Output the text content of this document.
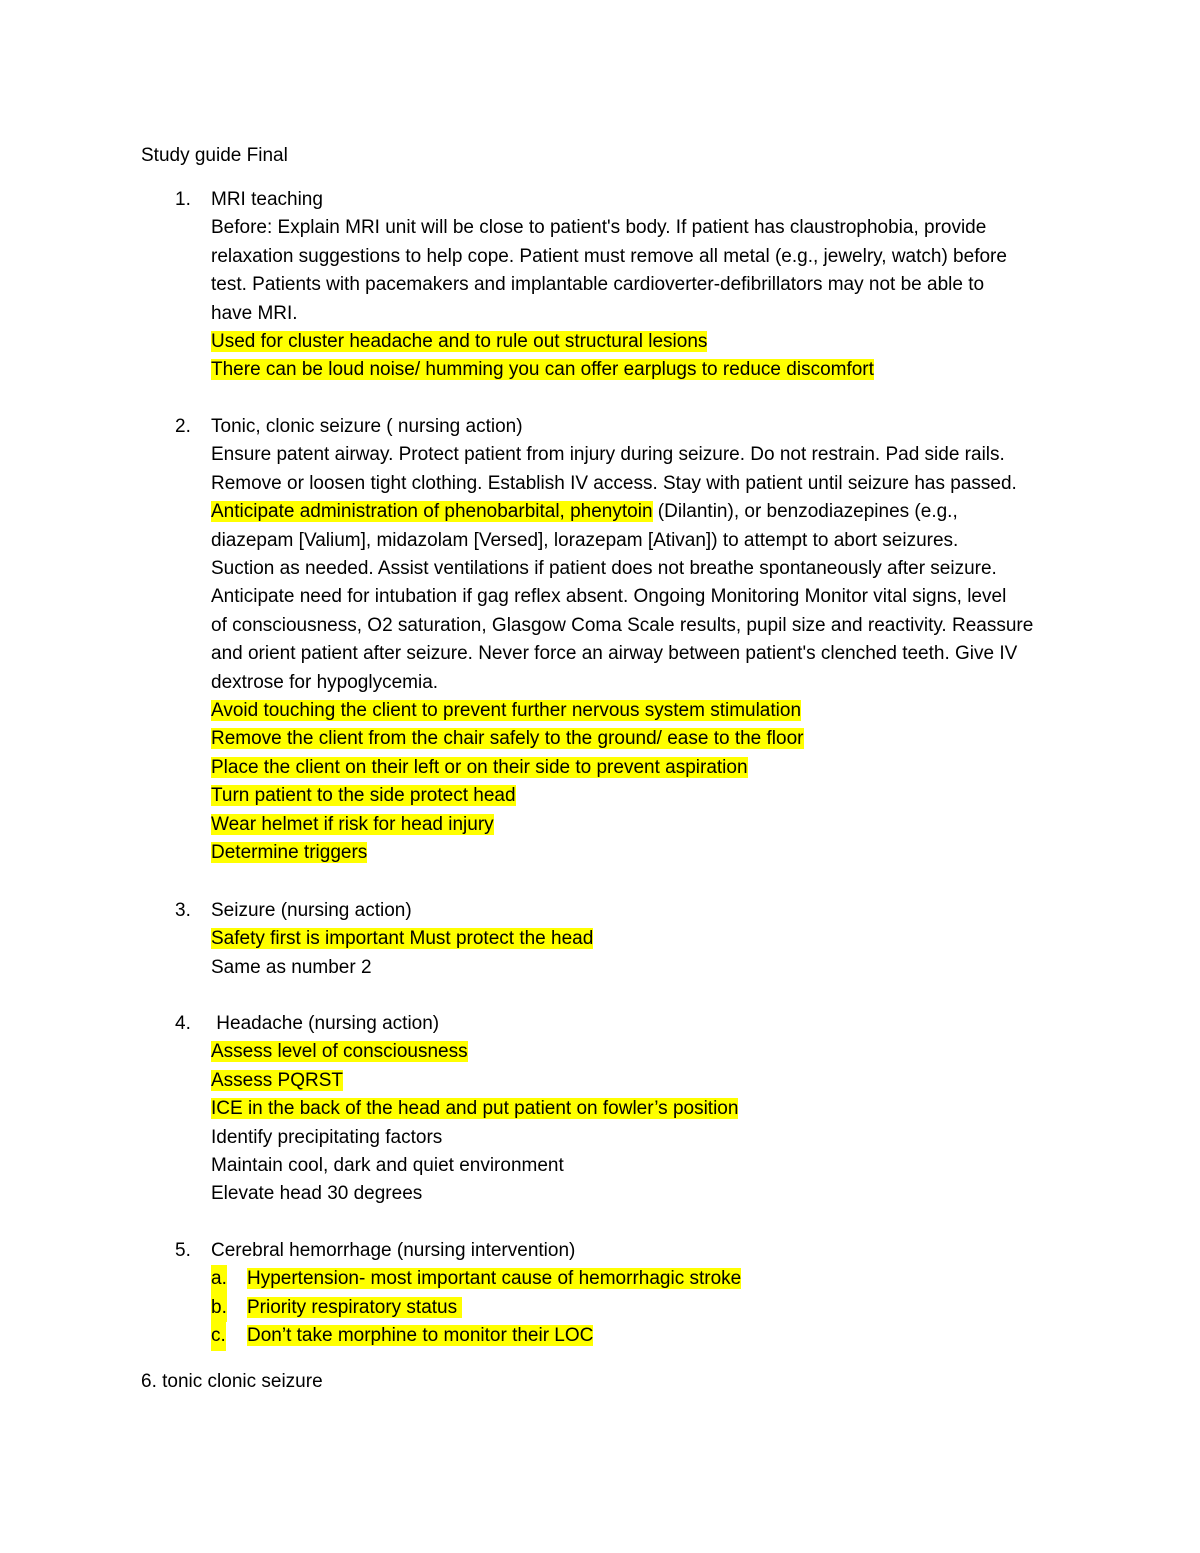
Study guide Final
1. MRI teaching

Before: Explain MRI unit will be close to patient's body. If patient has claustrophobia, provide

relaxation suggestions to help cope. Patient must remove all metal (e.g., jewelry, watch) before

test. Patients with pacemakers and implantable cardioverter-defibrillators may not be able to

have MRI.

Used for cluster headache and to rule out structural lesions

There can be loud noise/ humming you can offer earplugs to reduce discomfort

2. Tonic, clonic seizure ( nursing action)

Ensure patent airway. Protect patient from injury during seizure. Do not restrain. Pad side rails.

Remove or loosen tight clothing. Establish IV access. Stay with patient until seizure has passed.

Anticipate administration of phenobarbital, phenytoin (Dilantin), or benzodiazepines (e.g.,

diazepam [Valium], midazolam [Versed], lorazepam [Ativan]) to attempt to abort seizures.

Suction as needed. Assist ventilations if patient does not breathe spontaneously after seizure.

Anticipate need for intubation if gag reflex absent. Ongoing Monitoring Monitor vital signs, level

of consciousness, O2 saturation, Glasgow Coma Scale results, pupil size and reactivity. Reassure

and orient patient after seizure. Never force an airway between patient's clenched teeth. Give IV

dextrose for hypoglycemia.

Avoid touching the client to prevent further nervous system stimulation

Remove the client from the chair safely to the ground/ ease to the floor

Place the client on their left or on their side to prevent aspiration

Turn patient to the side protect head

Wear helmet if risk for head injury

Determine triggers

3. Seizure (nursing action)

Safety first is important Must protect the head

Same as number 2

4. Headache (nursing action)

Assess level of consciousness

Assess PQRST

ICE in the back of the head and put patient on fowler’s position

Identify precipitating factors

Maintain cool, dark and quiet environment

Elevate head 30 degrees

5. Cerebral hemorrhage (nursing intervention)

a. Hypertension- most important cause of hemorrhagic stroke
b. Priority respiratory status
c. Don’t take morphine to monitor their LOC
6. tonic clonic seizure
